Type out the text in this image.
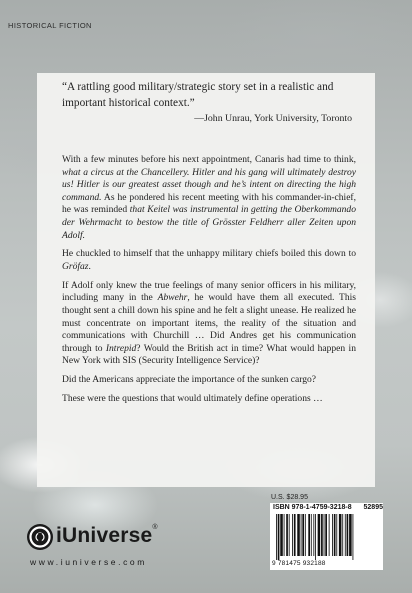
HISTORICAL FICTION
“A rattling good military/strategic story set in a realistic and important historical context.”
—John Unrau, York University, Toronto

With a few minutes before his next appointment, Canaris had time to think, what a circus at the Chancellery. Hitler and his gang will ultimately destroy us! Hitler is our greatest asset though and he’s intent on directing the high command. As he pondered his recent meeting with his commander-in-chief, he was reminded that Keitel was instrumental in getting the Oberkommando der Wehrmacht to bestow the title of Grösster Feldherr aller Zeiten upon Adolf.

He chuckled to himself that the unhappy military chiefs boiled this down to Gröfaz.

If Adolf only knew the true feelings of many senior officers in his military, including many in the Abwehr, he would have them all executed. This thought sent a chill down his spine and he felt a slight unease. He realized he must concentrate on important items, the reality of the situation and communications with Churchill … Did Andres get his communication through to Intrepid? Would the British act in time? What would happen in New York with SIS (Security Intelligence Service)?

Did the Americans appreciate the importance of the sunken cargo?

These were the questions that would ultimately define operations …

U.S. $28.95
ISBN 978-1-4759-3218-8 52895
9 781475 932188
iUniverse®
www.iuniverse.com
